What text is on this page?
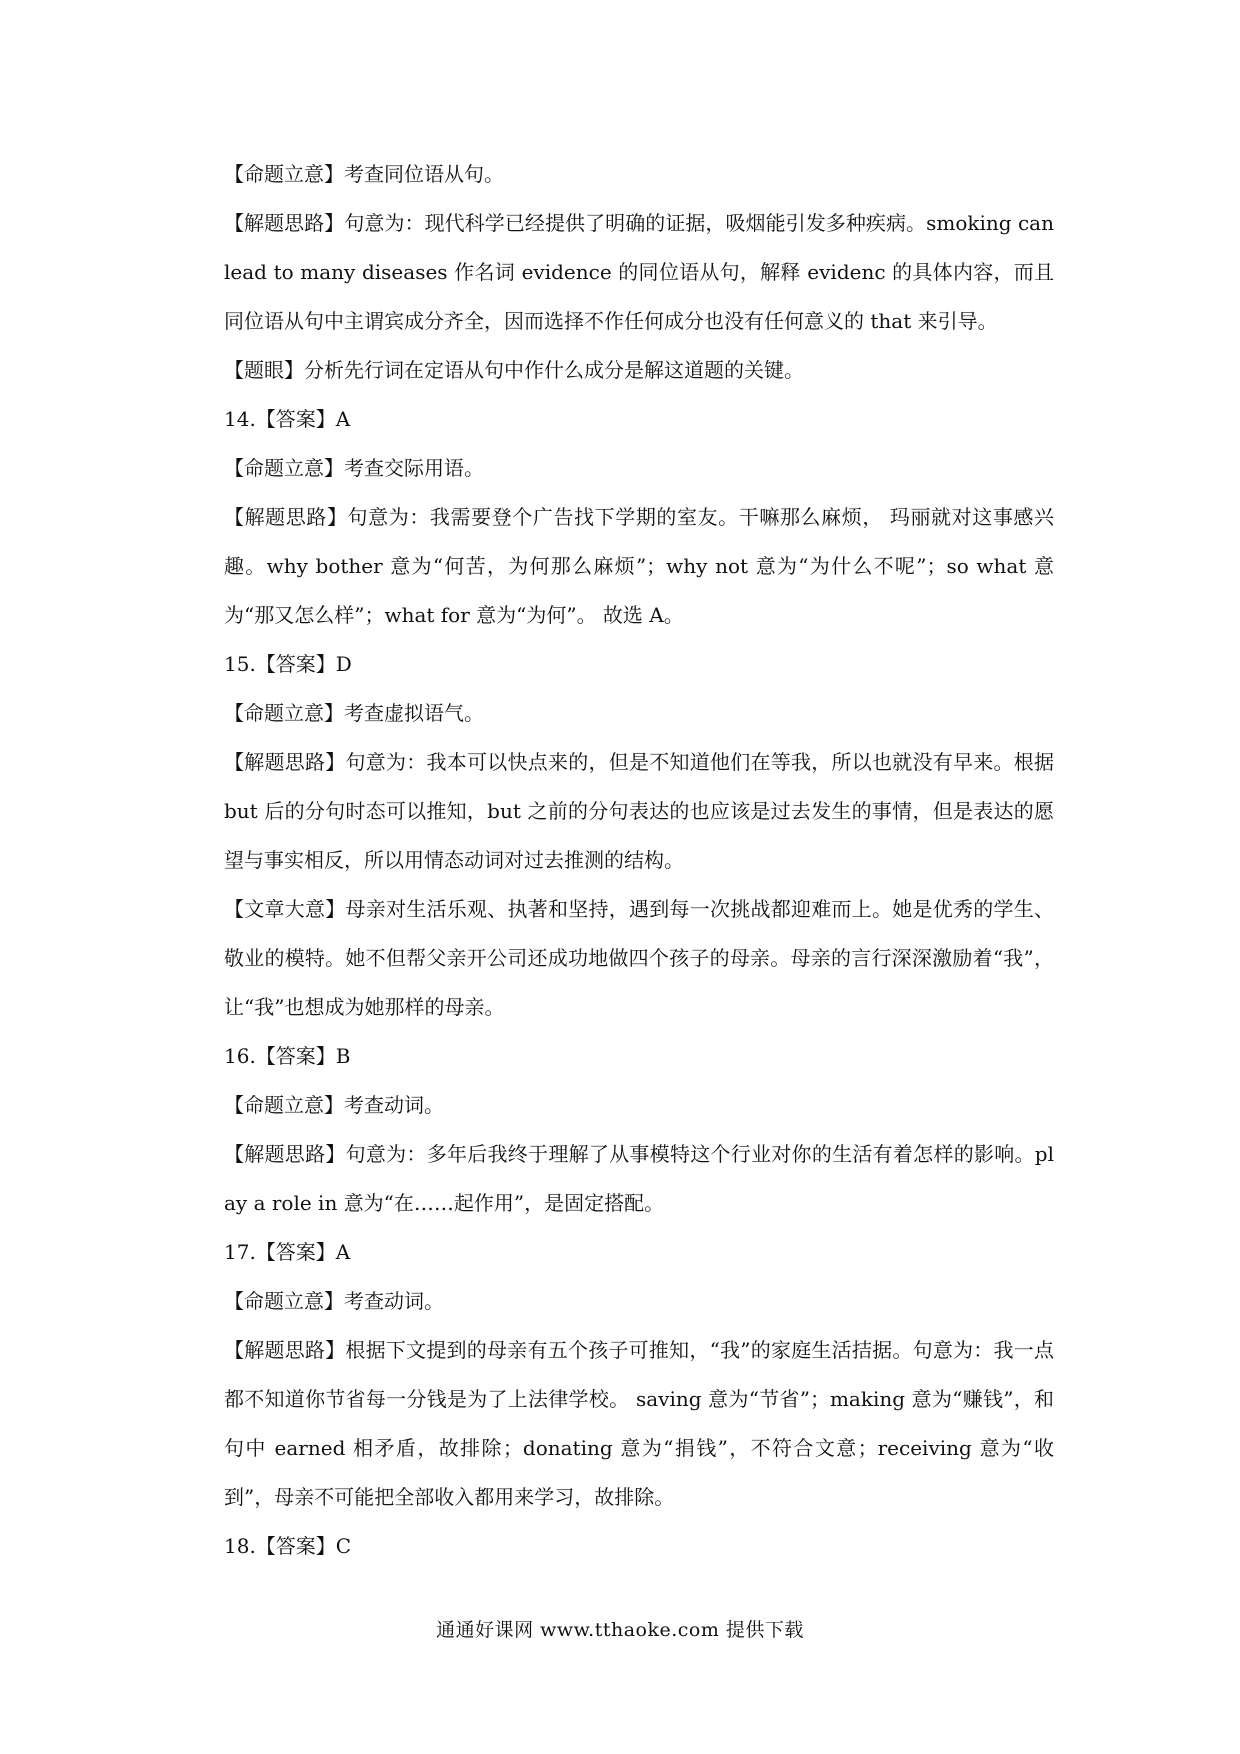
【命题立意】考查同位语从句。
【解题思路】句意为：现代科学已经提供了明确的证据，吸烟能引发多种疾病。smoking can lead to many diseases 作名词 evidence 的同位语从句，解释 evidenc 的具体内容，而且同位语从句中主谓宾成分齐全，因而选择不作任何成分也没有任何意义的 that 来引导。
【题眼】分析先行词在定语从句中作什么成分是解这道题的关键。
14.【答案】A
【命题立意】考查交际用语。
【解题思路】句意为：我需要登个广告找下学期的室友。干嘛那么麻烦， 玛丽就对这事感兴趣。why bother 意为“何苦，为何那么麻烦”；why not 意为“为什么不呢”；so what 意为“那又怎么样”；what for 意为“为何”。 故选 A。
15.【答案】D
【命题立意】考查虚拟语气。
【解题思路】句意为：我本可以快点来的，但是不知道他们在等我，所以也就没有早来。根据 but 后的分句时态可以推知，but 之前的分句表达的也应该是过去发生的事情，但是表达的愿望与事实相反，所以用情态动词对过去推测的结构。
【文章大意】母亲对生活乐观、执著和坚持，遇到每一次挑战都迎难而上。她是优秀的学生、敬业的模特。她不但帮父亲开公司还成功地做四个孩子的母亲。母亲的言行深深激励着“我”，让“我”也想成为她那样的母亲。
16.【答案】B
【命题立意】考查动词。
【解题思路】句意为：多年后我终于理解了从事模特这个行业对你的生活有着怎样的影响。play a role in 意为“在……起作用”，是固定搭配。
17.【答案】A
【命题立意】考查动词。
【解题思路】根据下文提到的母亲有五个孩子可推知，“我”的家庭生活拮据。句意为：我一点都不知道你节省每一分钱是为了上法律学校。 saving 意为“节省”；making 意为“赚钱”，和句中 earned 相矛盾，故排除；donating 意为“捐钱”，不符合文意；receiving 意为“收到”，母亲不可能把全部收入都用来学习，故排除。
18.【答案】C
通通好课网 www.tthaoke.com 提供下载
